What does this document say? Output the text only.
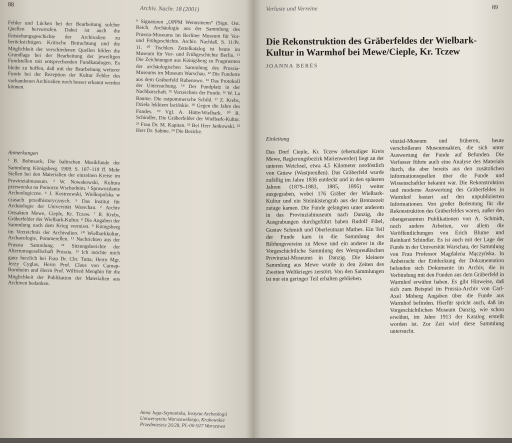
88
Archiv. Nachr. 18 (2001)

Fehler und Lücken bei der Bearbeitung solcher Quellen hervorrufen. Dabei ist auch die Entstehungsgeschichte der Archivalien zu berücksichtigen. Kritische Betrachtung und die Möglichkeit der verschiedenen Quellen bilden die Grundlage bei der Bearbeitung der jeweiligen Fundstellen mit entsprechenden Fundkatalogen. Es bleibt zu hoffen, daß mit der Bearbeitung weiterer Funde bei der Rezeption der Kultur Fehler des vorhandenen Archivalien noch besser erkannt werden können.

Anmerkungen

¹ B. Bohnsack, Die baltischen Musikfunde der Sammlung Königsberg. 1909. S. 107–119 ff. Mehr Stellen bei den Materialien der einzelnen Kreise im Provinzialmuseum. ² W. Nowakowski, Kultura przeworska na Pomorzu Wschodnim. ³ Sprawozdanie Archeologiczne. ⁴ J. Kostrzewski, Wielkopolska w czasach przedhistorycznych. ⁵ Das Institut für Archäologie der Universität Warschau. ⁶ Archiv Ortsakten Mewe, Cieple, Kr. Tczew. ⁷ R. Krebs, Gräberfelder der Wielbark-Kultur. ⁸ Die Angaben der Sammlung nach dem Krieg vermisst. ⁹ Königsberg im Verzeichnis der Archivalien. ¹⁰ Wielbarkkultur, Archaeologie, Pommerellen. ¹¹ Nachrichten aus der Prussia Sammlung. ¹² Sitzungsberichte der Altertumsgesellschaft Prussia. ¹³ Ich möchte mich ganz herzlich bei Frau Dr. Chr. Tutta, Herrn Mgr. Jerzy Cyglas, Herrn Prof. Claus von Carnap-Bornheim und Herrn Prof. Wilfried Menghin für die Möglichkeit der Publikation der Materialien aus Archiven bedanken.

⁹ Signaturen „OPPM Wennsmenn“ (Sign. Ost. Reich. Archäologie aus der Sammlung des Prussia-Museums im Berliner Museum für Vor- und Frühgeschichte. Archiv. Nachlaß. S. 11/Pr. 11. ¹⁰ Tischlers Zettelkatalog ist heute im Museum für Vor- und Frühgeschichte Berlin. ¹¹ Die Zeichnungen aus Königsberg zu Fragmenten der archäologischen Sammlung des Prussia-Museums im Museum Warschau. ¹² Die Fundorte aus dem Gräberfeld Rubenowo. ¹³ Das Protokoll der Untersuchung. ¹⁴ Der Fundplatz in der Nachbarschaft. ¹⁵ Verzeichnis der Funde. ¹⁶ W. La Baume. Die ostpommersche Schild. ¹⁷ Z. Krebs, Dzieła lekkiem łacińskie. ¹⁸ Gegen die Jahre des Fundes. ¹⁹ Vgl. A. Hütte/Wielbark. ²⁰ R. Schindler, Die Gräberfelder der Wielbark-Kultur. ²¹ Frau Dr. M. Kapitan. ²² Bei Herr Jankowski. ²³ Herr Dr. Sabine. ²⁴ Die Bezirke.

Anna Juga-Szymańska, Instytut Archeologii Uniwersytetu Warszawskiego, Krakowskie Przedmieście 26/28, PL-00-927 Warszawa
Verluste und Verreine	89
Die Rekonstruktion des Gräberfeldes der Wielbark-Kultur in Warmhof bei Mewe/Cieple, Kr. Tczew
JOANNA BERES
Einleitung
Das Dorf Cieple, Kr. Tczew (ehemaliger Kreis Mewe, Regierungsbezirk Marienwerder) liegt an der unteren Weichsel, etwa 4,5 Kilometer nordöstlich von Gniew (Westpreußen). Das Gräberfeld wurde zufällig im Jahre 1836 entdeckt und in den späteren Jahren (1879–1883, 1885, 1895) weiter ausgegraben, wobei 176 Gräber der Wielbark-Kultur und ein Steinkistengrab aus der Bronzezeit zutage kamen. Die Funde gelangten unter anderem in das Provinzialmuseum nach Danzig, die Ausgrabungen durchgeführt haben Rudolf Fibel, Gustav Schmidt und Oberleutnant Mathes. Ein Teil der Funde kam in die Sammlung des Bildungsvereins zu Mewe und ein anderer in die Vorgeschichtliche Sammlung des Westpreußischen Provinzial-Museums in Danzig. Die kleinere Sammlung aus Mewe wurde in den Zeiten des Zweiten Weltkrieges zerstört. Von den Sammlungen ist nur ein geringer Teil erhalten geblieben.
vinzial-Museum und früheren, heute verschollenen Museumsakten, die sich unter Auswertung der Funde auf Befunden. Die Verfasser führte auch eine Analyse des Materials durch, die aber bereits aus den zusätzlichen Informationsquellen über die Funde und Wissenschaftler bekannt war. Die Rekonstruktion und moderne Auswertung des Gräberfeldes in Warmhof basiert auf den unpublizierten Informationen. Von großer Bedeutung für die Rekonstruktion des Gräberfeldes waren, außer den obengenannten Publikationen von A. Schmidt, noch andere Arbeiten, vor allem die Veröffentlichungen von Erich Blume und Reinhard Schindler. Es ist auch mit der Lage der Funde in der Universität Warschau, der Sammlung von Frau Professor Magdalena Mączyńska. In Anbetracht der Entdeckung der Dokumentation befanden sich Dokumente im Archiv, die in Verbindung mit den Funden aus dem Gräberfeld in Warmhof erwähnt haben. Es gibt Hinweise, daß sich zum Beispiel im Prussia-Archiv von Carl-Axel Moberg Angaben über die Funde aus Warmhof befinden. Hierfür spricht auch, daß im Vorgeschichtlichen Museum Danzig, wie schon erwähnt, im Jahre 1913 der Katalog erstellt worden ist. Zur Zeit wird diese Sammlung untersucht.
